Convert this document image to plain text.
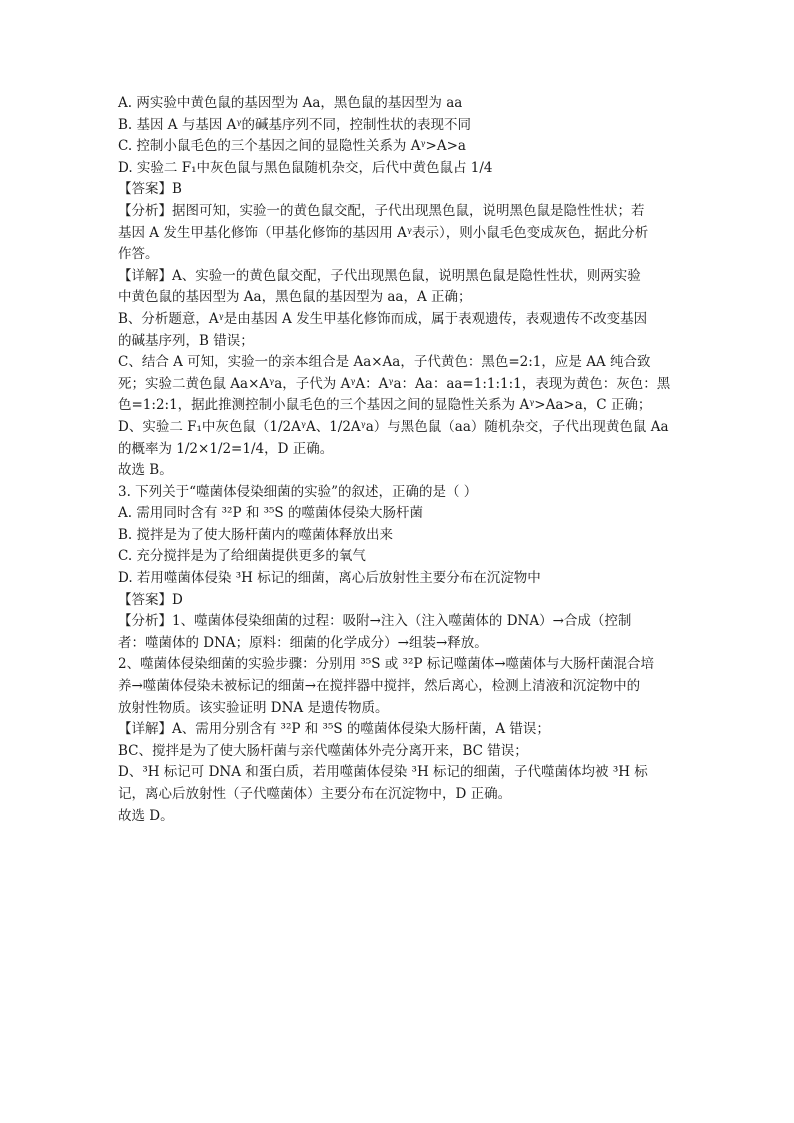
A. 两实验中黄色鼠的基因型为 Aa，黑色鼠的基因型为 aa
B. 基因 A 与基因 Aᵞ的碱基序列不同，控制性状的表现不同
C. 控制小鼠毛色的三个基因之间的显隐性关系为 Aᵞ>A>a
D. 实验二 F₁中灰色鼠与黑色鼠随机杂交，后代中黄色鼠占 1/4
【答案】B
【分析】据图可知，实验一的黄色鼠交配，子代出现黑色鼠，说明黑色鼠是隐性性状；若
基因 A 发生甲基化修饰（甲基化修饰的基因用 Aᵞ表示），则小鼠毛色变成灰色，据此分析
作答。
【详解】A、实验一的黄色鼠交配，子代出现黑色鼠，说明黑色鼠是隐性性状，则两实验
中黄色鼠的基因型为 Aa，黑色鼠的基因型为 aa，A 正确；
B、分析题意，Aᵞ是由基因 A 发生甲基化修饰而成，属于表观遗传，表观遗传不改变基因
的碱基序列，B 错误；
C、结合 A 可知，实验一的亲本组合是 Aa×Aa，子代黄色：黑色=2:1，应是 AA 纯合致
死；实验二黄色鼠 Aa×Aᵞa，子代为 AᵞA：Aᵞa：Aa：aa=1:1:1:1，表现为黄色：灰色：黑
色=1:2:1，据此推测控制小鼠毛色的三个基因之间的显隐性关系为 Aᵞ>Aa>a，C 正确；
D、实验二 F₁中灰色鼠（1/2AᵞA、1/2Aᵞa）与黑色鼠（aa）随机杂交，子代出现黄色鼠 Aa
的概率为 1/2×1/2=1/4，D 正确。
故选 B。
3. 下列关于“噬菌体侵染细菌的实验”的叙述，正确的是（ ）
A. 需用同时含有 ³²P 和 ³⁵S 的噬菌体侵染大肠杆菌
B. 搅拌是为了使大肠杆菌内的噬菌体释放出来
C. 充分搅拌是为了给细菌提供更多的氧气
D. 若用噬菌体侵染 ³H 标记的细菌，离心后放射性主要分布在沉淀物中
【答案】D
【分析】1、噬菌体侵染细菌的过程：吸附→注入（注入噬菌体的 DNA）→合成（控制
者：噬菌体的 DNA；原料：细菌的化学成分）→组装→释放。
2、噬菌体侵染细菌的实验步骤：分别用 ³⁵S 或 ³²P 标记噬菌体→噬菌体与大肠杆菌混合培
养→噬菌体侵染未被标记的细菌→在搅拌器中搅拌，然后离心，检测上清液和沉淀物中的
放射性物质。该实验证明 DNA 是遗传物质。
【详解】A、需用分别含有 ³²P 和 ³⁵S 的噬菌体侵染大肠杆菌，A 错误；
BC、搅拌是为了使大肠杆菌与亲代噬菌体外壳分离开来，BC 错误；
D、³H 标记可 DNA 和蛋白质，若用噬菌体侵染 ³H 标记的细菌，子代噬菌体均被 ³H 标
记，离心后放射性（子代噬菌体）主要分布在沉淀物中，D 正确。
故选 D。
